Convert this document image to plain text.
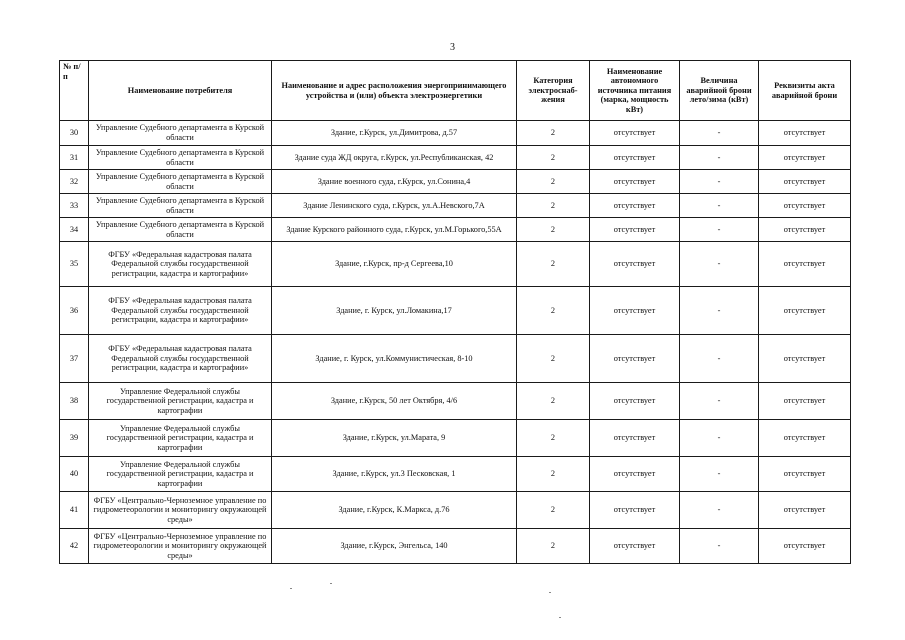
3
№ п/п	Наименование потребителя	Наименование и адрес расположения энергопринимающего устройства и (или) объекта электроэнергетики	Категория электроснаб-жения	Наименование автономного источника питания (марка, мощность кВт)	Величина аварийной брони лето/зима (кВт)	Реквизиты акта аварийной брони
30	Управление Судебного департамента в Курской области	Здание, г.Курск, ул.Димитрова, д.57	2	отсутствует	-	отсутствует
31	Управление Судебного департамента в Курской области	Здание суда ЖД округа, г.Курск, ул.Республиканская, 42	2	отсутствует	-	отсутствует
32	Управление Судебного департамента в Курской области	Здание военного суда, г.Курск, ул.Сонина,4	2	отсутствует	-	отсутствует
33	Управление Судебного департамента в Курской области	Здание Ленинского суда, г.Курск, ул.А.Невского,7А	2	отсутствует	-	отсутствует
34	Управление Судебного департамента в Курской области	Здание Курского районного суда, г.Курск, ул.М.Горького,55А	2	отсутствует	-	отсутствует
35	ФГБУ «Федеральная кадастровая палата Федеральной службы государственной регистрации, кадастра и картографии»	Здание, г.Курск, пр-д Сергеева,10	2	отсутствует	-	отсутствует
36	ФГБУ «Федеральная кадастровая палата Федеральной службы государственной регистрации, кадастра и картографии»	Здание, г. Курск, ул.Ломакина,17	2	отсутствует	-	отсутствует
37	ФГБУ «Федеральная кадастровая палата Федеральной службы государственной регистрации, кадастра и картографии»	Здание, г. Курск, ул.Коммунистическая, 8-10	2	отсутствует	-	отсутствует
38	Управление Федеральной службы государственной регистрации, кадастра и картографии	Здание, г.Курск, 50 лет Октября, 4/6	2	отсутствует	-	отсутствует
39	Управление Федеральной службы государственной регистрации, кадастра и картографии	Здание, г.Курск, ул.Марата, 9	2	отсутствует	-	отсутствует
40	Управление Федеральной службы государственной регистрации, кадастра и картографии	Здание, г.Курск, ул.3 Песковская, 1	2	отсутствует	-	отсутствует
41	ФГБУ «Центрально-Черноземное управление по гидрометеорологии и мониторингу окружающей среды»	Здание, г.Курск, К.Маркса, д.76	2	отсутствует	-	отсутствует
42	ФГБУ «Центрально-Черноземное управление по гидрометеорологии и мониторингу окружающей среды»	Здание, г.Курск, Энгельса, 140	2	отсутствует	-	отсутствует
